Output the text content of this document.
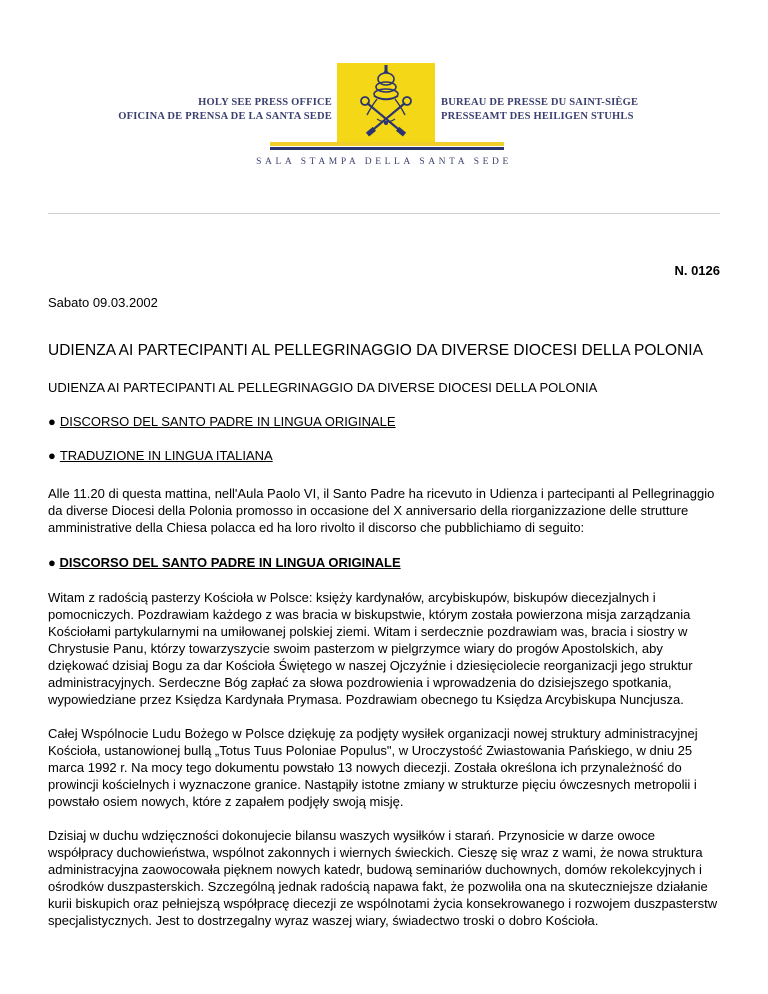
HOLY SEE PRESS OFFICE
OFICINA DE PRENSA DE LA SANTA SEDE
BUREAU DE PRESSE DU SAINT-SIÈGE
PRESSEAMT DES HEILIGEN STUHLS
SALA STAMPA DELLA SANTA SEDE

N. 0126

Sabato 09.03.2002

UDIENZA AI PARTECIPANTI AL PELLEGRINAGGIO DA DIVERSE DIOCESI DELLA POLONIA

UDIENZA AI PARTECIPANTI AL PELLEGRINAGGIO DA DIVERSE DIOCESI DELLA POLONIA

● DISCORSO DEL SANTO PADRE IN LINGUA ORIGINALE

● TRADUZIONE IN LINGUA ITALIANA

Alle 11.20 di questa mattina, nell'Aula Paolo VI, il Santo Padre ha ricevuto in Udienza i partecipanti al Pellegrinaggio da diverse Diocesi della Polonia promosso in occasione del X anniversario della riorganizzazione delle strutture amministrative della Chiesa polacca ed ha loro rivolto il discorso che pubblichiamo di seguito:

● DISCORSO DEL SANTO PADRE IN LINGUA ORIGINALE

Witam z radością pasterzy Kościoła w Polsce: księży kardynałów, arcybiskupów, biskupów diecezjalnych i pomocniczych. Pozdrawiam każdego z was bracia w biskupstwie, którym została powierzona misja zarządzania Kościołami partykularnymi na umiłowanej polskiej ziemi. Witam i serdecznie pozdrawiam was, bracia i siostry w Chrystusie Panu, którzy towarzyszycie swoim pasterzom w pielgrzymce wiary do progów Apostolskich, aby dziękować dzisiaj Bogu za dar Kościoła Świętego w naszej Ojczyźnie i dziesięciolecie reorganizacji jego struktur administracyjnych. Serdeczne Bóg zapłać za słowa pozdrowienia i wprowadzenia do dzisiejszego spotkania, wypowiedziane przez Księdza Kardynała Prymasa. Pozdrawiam obecnego tu Księdza Arcybiskupa Nuncjusza.

Całej Wspólnocie Ludu Bożego w Polsce dziękuję za podjęty wysiłek organizacji nowej struktury administracyjnej Kościoła, ustanowionej bullą „Totus Tuus Poloniae Populus", w Uroczystość Zwiastowania Pańskiego, w dniu 25 marca 1992 r. Na mocy tego dokumentu powstało 13 nowych diecezji. Została określona ich przynależność do prowincji kościelnych i wyznaczone granice. Nastąpiły istotne zmiany w strukturze pięciu ówczesnych metropolii i powstało osiem nowych, które z zapałem podjęły swoją misję.

Dzisiaj w duchu wdzięczności dokonujecie bilansu waszych wysiłków i starań. Przynosicie w darze owoce współpracy duchowieństwa, wspólnot zakonnych i wiernych świeckich. Cieszę się wraz z wami, że nowa struktura administracyjna zaowocowała pięknem nowych katedr, budową seminariów duchownych, domów rekolekcyjnych i ośrodków duszpasterskich. Szczególną jednak radością napawa fakt, że pozwoliła ona na skuteczniejsze działanie kurii biskupich oraz pełniejszą współpracę diecezji ze wspólnotami życia konsekrowanego i rozwojem duszpasterstw specjalistycznych. Jest to dostrzegalny wyraz waszej wiary, świadectwo troski o dobro Kościoła.
